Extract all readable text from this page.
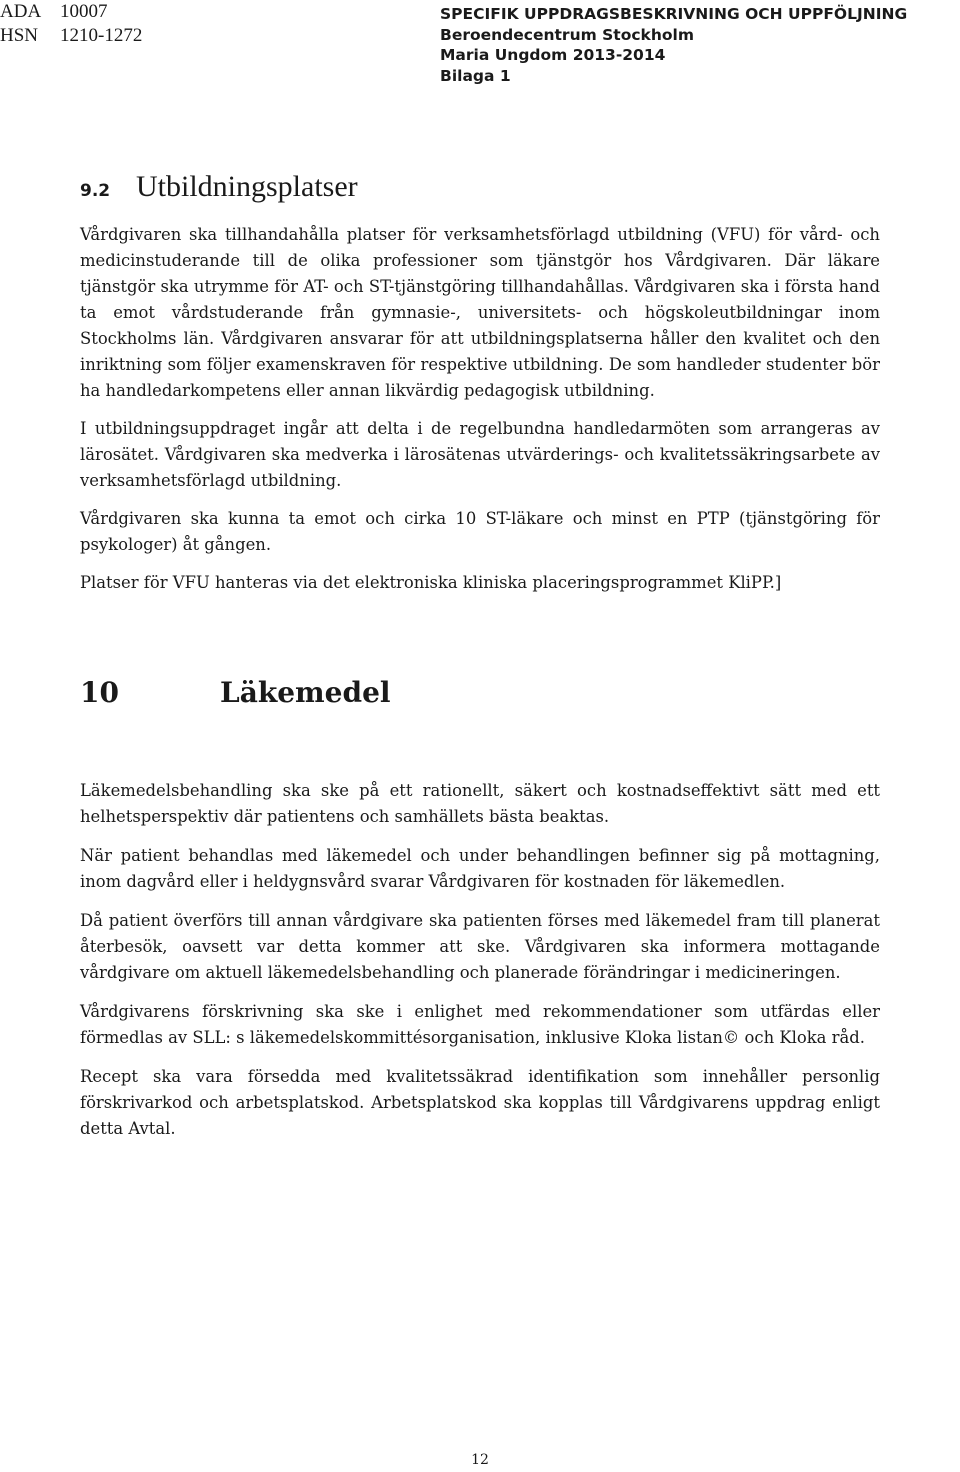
ADA 10007
HSN 1210-1272
SPECIFIK UPPDRAGSBESKRIVNING OCH UPPFÖLJNING
Beroendecentrum Stockholm
Maria Ungdom 2013-2014
Bilaga 1
9.2 Utbildningsplatser

Vårdgivaren ska tillhandahålla platser för verksamhetsförlagd utbildning (VFU) för vård- och medicinstuderande till de olika professioner som tjänstgör hos Vårdgivaren. Där läkare tjänstgör ska utrymme för AT- och ST-tjänstgöring tillhandahållas. Vårdgivaren ska i första hand ta emot vårdstuderande från gymnasie-, universitets- och högskoleutbildningar inom Stockholms län. Vårdgivaren ansvarar för att utbildningsplatserna håller den kvalitet och den inriktning som följer examenskraven för respektive utbildning. De som handleder studenter bör ha handledarkompetens eller annan likvärdig pedagogisk utbildning.

I utbildningsuppdraget ingår att delta i de regelbundna handledarmöten som arrangeras av lärosätet. Vårdgivaren ska medverka i lärosätenas utvärderings- och kvalitetssäkringsarbete av verksamhetsförlagd utbildning.

Vårdgivaren ska kunna ta emot och cirka 10 ST-läkare och minst en PTP (tjänstgöring för psykologer) åt gången.

Platser för VFU hanteras via det elektroniska kliniska placeringsprogrammet KliPP.]

10	Läkemedel

Läkemedelsbehandling ska ske på ett rationellt, säkert och kostnadseffektivt sätt med ett helhetsperspektiv där patientens och samhällets bästa beaktas.

När patient behandlas med läkemedel och under behandlingen befinner sig på mottagning, inom dagvård eller i heldygnsvård svarar Vårdgivaren för kostnaden för läkemedlen.

Då patient överförs till annan vårdgivare ska patienten förses med läkemedel fram till planerat återbesök, oavsett var detta kommer att ske. Vårdgivaren ska informera mottagande vårdgivare om aktuell läkemedelsbehandling och planerade förändringar i medicineringen.

Vårdgivarens förskrivning ska ske i enlighet med rekommendationer som utfärdas eller förmedlas av SLL: s läkemedelskommittésorganisation, inklusive Kloka listan© och Kloka råd.

Recept ska vara försedda med kvalitetssäkrad identifikation som innehåller personlig förskrivarkod och arbetsplatskod. Arbetsplatskod ska kopplas till Vårdgivarens uppdrag enligt detta Avtal.

12
